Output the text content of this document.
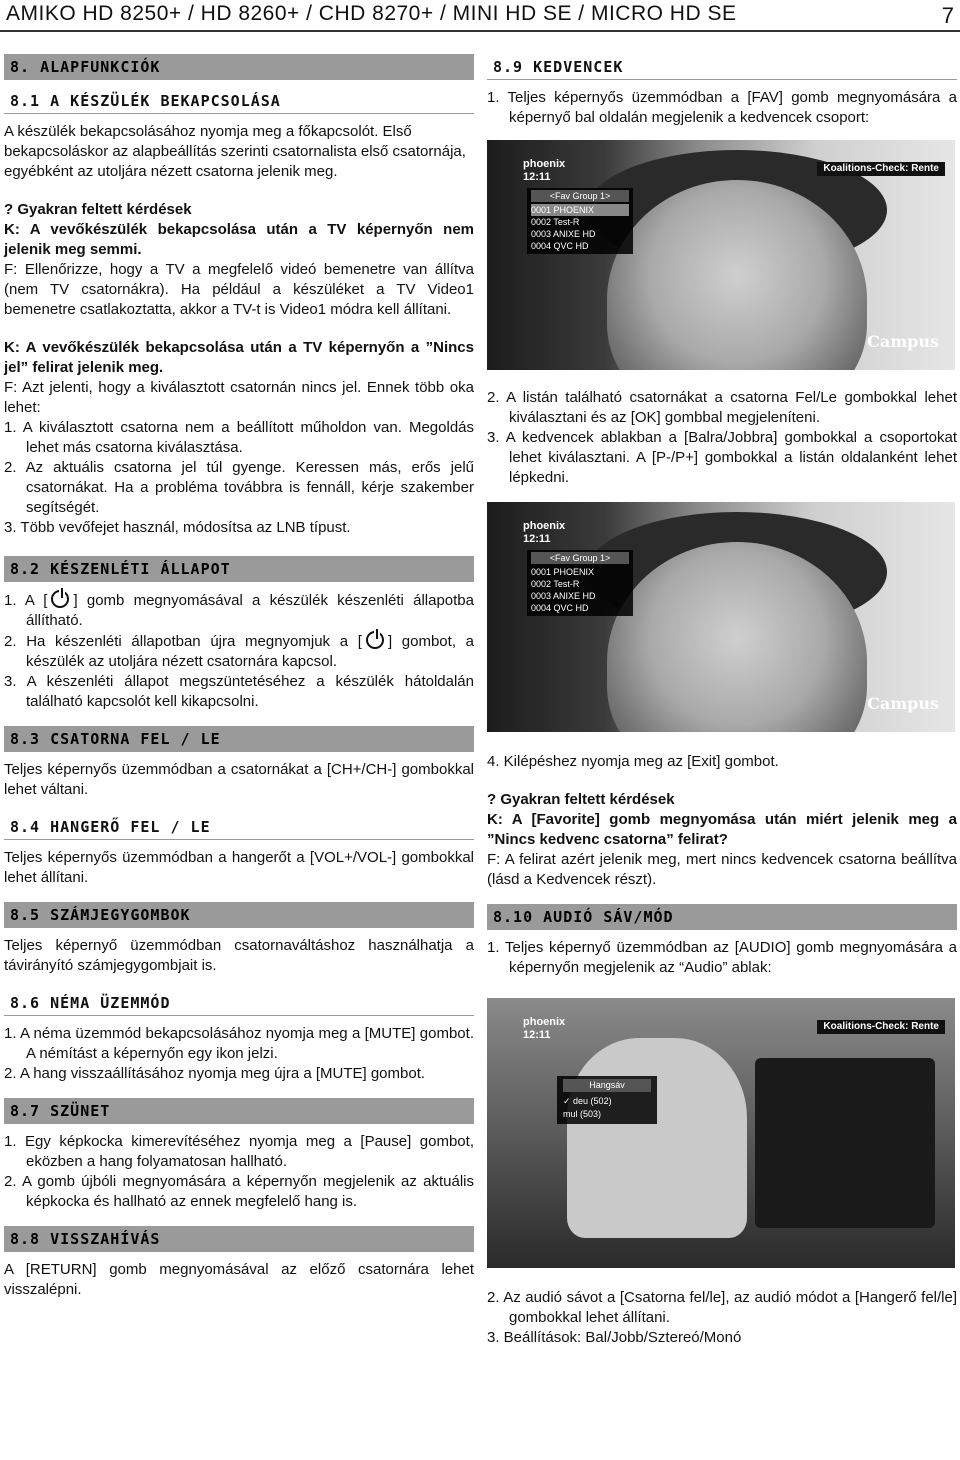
AMIKO HD 8250+ / HD 8260+ / CHD 8270+ / MINI HD SE / MICRO HD SE	7
8. ALAPFUNKCIÓK
8.1 A KÉSZÜLÉK BEKAPCSOLÁSA

A készülék bekapcsolásához nyomja meg a főkapcsolót. Első bekapcsoláskor az alapbeállítás szerinti csatornalista első csatornája, egyébként az utoljára nézett csatorna jelenik meg.

? Gyakran feltett kérdések

K: A vevőkészülék bekapcsolása után a TV képernyőn nem jelenik meg semmi.

F: Ellenőrizze, hogy a TV a megfelelő videó bemenetre van állítva (nem TV csatornákra). Ha például a készüléket a TV Video1 bemenetre csatlakoztatta, akkor a TV-t is Video1 módra kell állítani.

K: A vevőkészülék bekapcsolása után a TV képernyőn a ”Nincs jel” felirat jelenik meg.

F: Azt jelenti, hogy a kiválasztott csatornán nincs jel. Ennek több oka lehet:

1. A kiválasztott csatorna nem a beállított műholdon van. Megoldás lehet más csatorna kiválasztása.
2. Az aktuális csatorna jel túl gyenge. Keressen más, erős jelű csatornákat. Ha a probléma továbbra is fennáll, kérje szakember segítségét.
3. Több vevőfejet használ, módosítsa az LNB típust.
8.2 KÉSZENLÉTI ÁLLAPOT
1. A [ ] gomb megnyomásával a készülék készenléti állapotba állítható.
2. Ha készenléti állapotban újra megnyomjuk a [ ] gombot, a készülék az utoljára nézett csatornára kapcsol.
3. A készenléti állapot megszüntetéséhez a készülék hátoldalán található kapcsolót kell kikapcsolni.
8.3 CSATORNA FEL / LE

Teljes képernyős üzemmódban a csatornákat a [CH+/CH-] gombokkal lehet váltani.

8.4 HANGERŐ FEL / LE

Teljes képernyős üzemmódban a hangerőt a [VOL+/VOL-] gombokkal lehet állítani.

8.5 SZÁMJEGYGOMBOK

Teljes képernyő üzemmódban csatornaváltáshoz használhatja a távirányító számjegygombjait is.

8.6 NÉMA ÜZEMMÓD
1. A néma üzemmód bekapcsolásához nyomja meg a [MUTE] gombot. A némítást a képernyőn egy ikon jelzi.
2. A hang visszaállításához nyomja meg újra a [MUTE] gombot.
8.7 SZÜNET
1. Egy képkocka kimerevítéséhez nyomja meg a [Pause] gombot, eközben a hang folyamatosan hallható.
2. A gomb újbóli megnyomására a képernyőn megjelenik az aktuális képkocka és hallható az ennek megfelelő hang is.
8.8 VISSZAHÍVÁS

A [RETURN] gomb megnyomásával az előző csatornára lehet visszalépni.

8.9 KEDVENCEK

1. Teljes képernyős üzemmódban a [FAV] gomb megnyomására a képernyő bal oldalán megjelenik a kedvencek csoport:

phoenix
12:11
Koalitions-Check: Rente
<Fav Group 1>
0001 PHOENIX
0002 Test-R
0003 ANIXE HD
0004 QVC HD
Campus
2. A listán található csatornákat a csatorna Fel/Le gombokkal lehet kiválasztani és az [OK] gombbal megjeleníteni.
3. A kedvencek ablakban a [Balra/Jobbra] gombokkal a csoportokat lehet kiválasztani. A [P-/P+] gombokkal a listán oldalanként lehet lépkedni.
phoenix
12:11
<Fav Group 1>
0001 PHOENIX
0002 Test-R
0003 ANIXE HD
0004 QVC HD
Campus

4. Kilépéshez nyomja meg az [Exit] gombot.

? Gyakran feltett kérdések

K: A [Favorite] gomb megnyomása után miért jelenik meg a ”Nincs kedvenc csatorna” felirat?

F: A felirat azért jelenik meg, mert nincs kedvencek csatorna beállítva (lásd a Kedvencek részt).

8.10 AUDIÓ SÁV/MÓD

1. Teljes képernyő üzemmódban az [AUDIO] gomb megnyomására a képernyőn megjelenik az “Audio” ablak:

phoenix
12:11
Koalitions-Check: Rente
Hangsáv
✓ deu (502)
mul (503)
2. Az audió sávot a [Csatorna fel/le], az audió módot a [Hangerő fel/le] gombokkal lehet állítani.
3. Beállítások: Bal/Jobb/Sztereó/Monó
